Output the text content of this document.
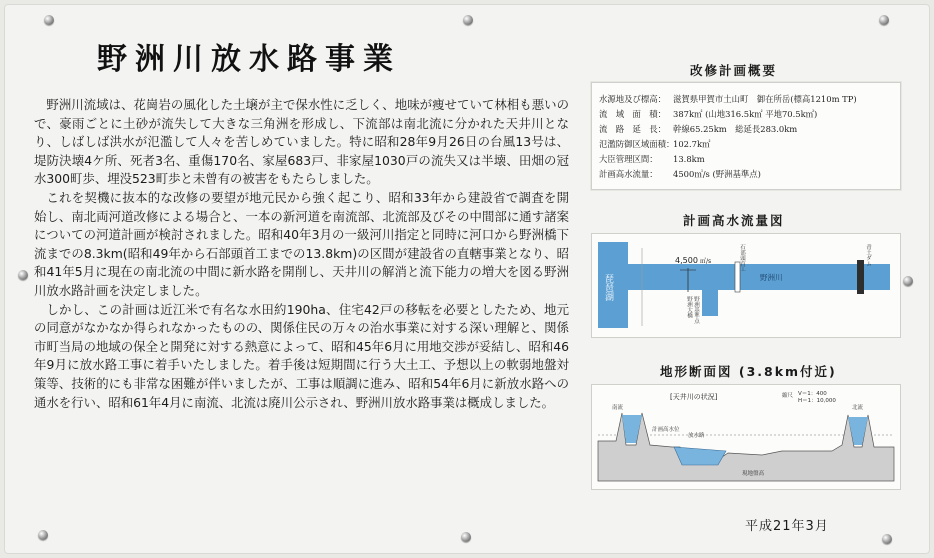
野洲川放水路事業

野洲川流域は、花崗岩の風化した土壌が主で保水性に乏しく、地味が痩せていて林相も悪いので、豪雨ごとに土砂が流失して大きな三角洲を形成し、下流部は南北流に分かれた天井川となり、しばしば洪水が氾濫して人々を苦しめていました。特に昭和28年9月26日の台風13号は、堤防決壊4ケ所、死者3名、重傷170名、家屋683戸、非家屋1030戸の流失又は半壊、田畑の冠水300町歩、埋没523町歩と未曾有の被害をもたらしました。

これを契機に抜本的な改修の要望が地元民から強く起こり、昭和33年から建設省で調査を開始し、南北両河道改修による場合と、一本の新河道を南流部、北流部及びその中間部に通す諸案についての河道計画が検討されました。昭和40年3月の一級河川指定と同時に河口から野洲橋下流までの8.3km(昭和49年から石部頭首工までの13.8km)の区間が建設省の直轄事業となり、昭和41年5月に現在の南北流の中間に新水路を開削し、天井川の解消と流下能力の増大を図る野洲川放水路計画を決定しました。

しかし、この計画は近江米で有名な水田約190ha、住宅42戸の移転を必要としたため、地元の同意がなかなか得られなかったものの、関係住民の万々の治水事業に対する深い理解と、関係市町当局の地域の保全と開発に対する熱意によって、昭和45年6月に用地交渉が妥結し、昭和46年9月に放水路工事に着手いたしました。着手後は短期間に行う大土工、予想以上の軟弱地盤対策等、技術的にも非常な困難が伴いましたが、工事は順調に進み、昭和54年6月に新放水路への通水を行い、昭和61年4月に南流、北流は廃川公示され、野洲川放水路事業は概成しました。

平成21年3月
改修計画概要
水源地及び標高： 滋賀県甲賀市土山町　御在所岳(標高1210m TP)
流　域　面　積： 387k㎡ (山地316.5k㎡ 平地70.5k㎡)
流　路　延　長： 幹線65.25km　総延長283.0km
氾濫防御区域面積：102.7k㎡
大臣管理区間： 13.8km
計画高水流量： 4500㎥/s (野洲基準点)
計画高水流量図
琵琶湖
4,500 ㎥/s
野洲川
石部頭首工
野洲大橋 野洲基準点
青土ダム
地形断面図 (3.8km付近)
[天井川の状況]	縮尺 V＝1：400
H＝1：10,000
南流	北流
放水路
計画高水位
現地盤高
